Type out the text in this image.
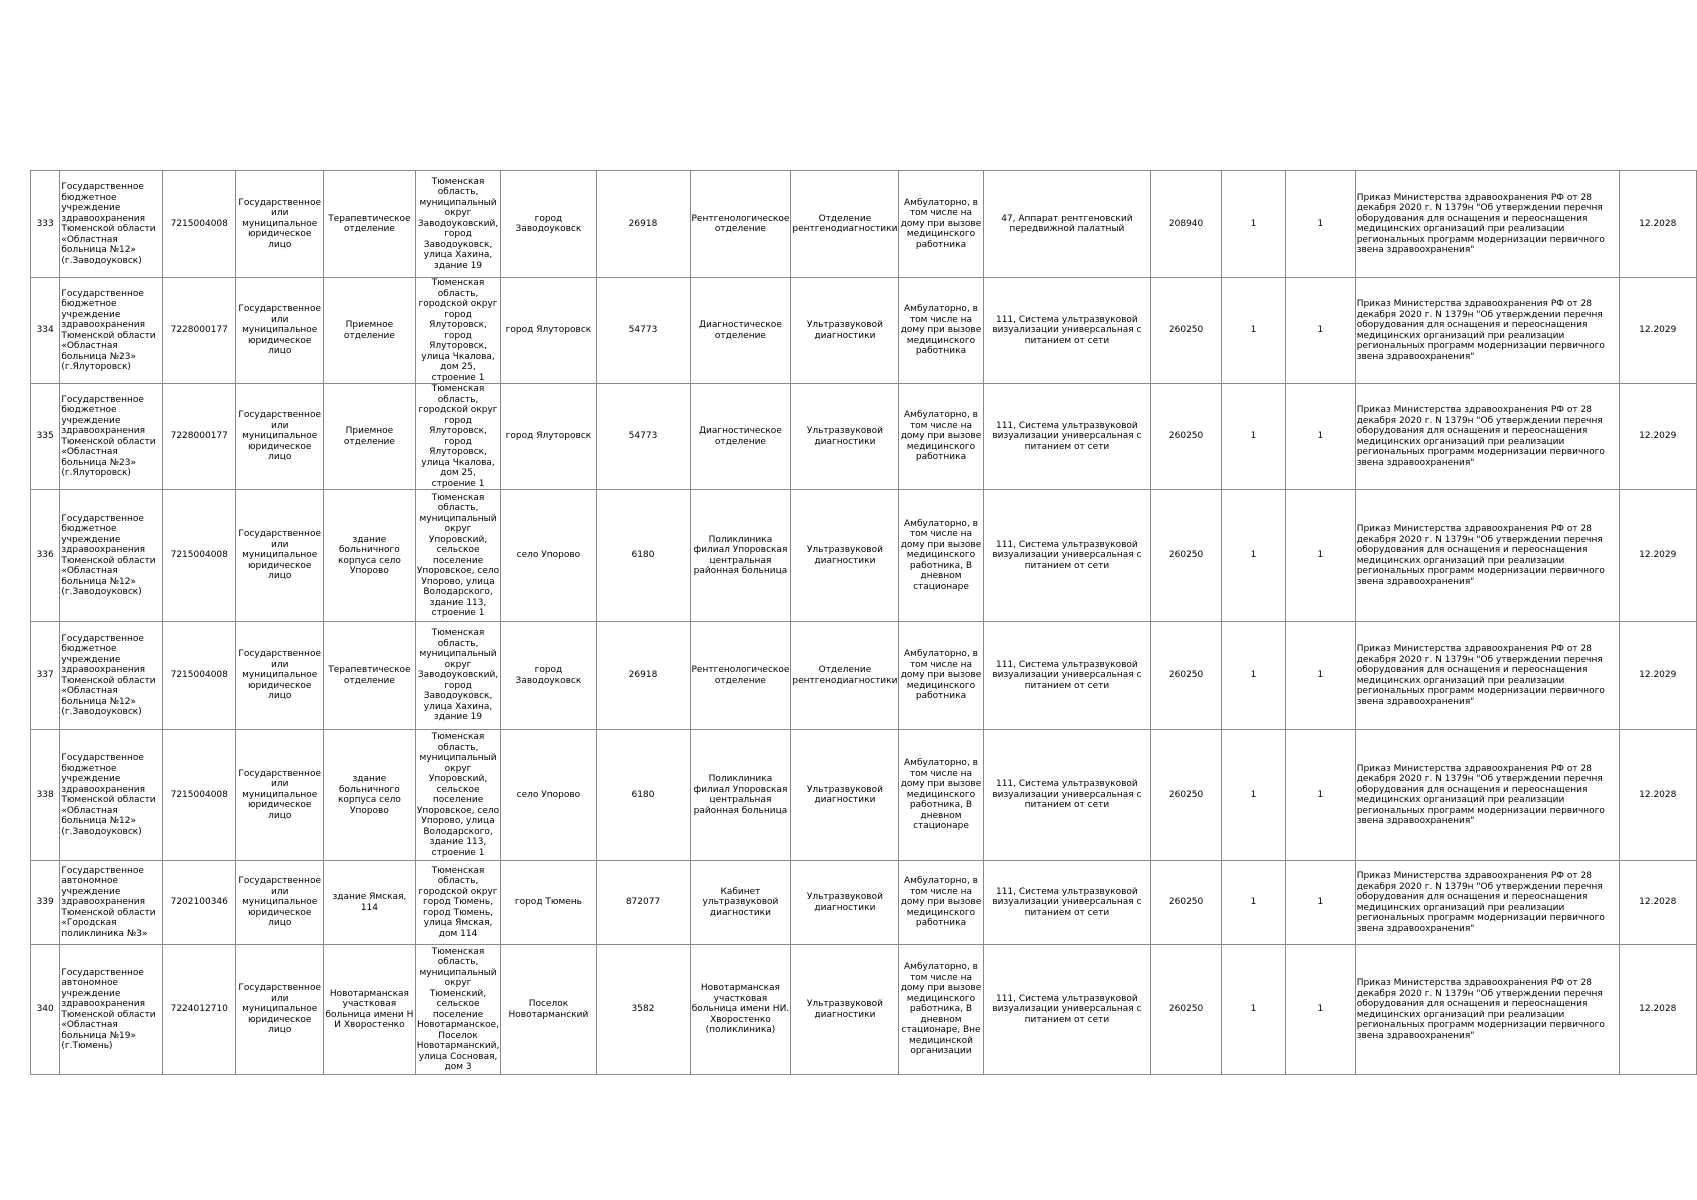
333	Государственное бюджетное учреждение здравоохранения Тюменской области «Областная больница №12» (г.Заводоуковск)	7215004008	Государственное или муниципальное юридическое лицо	Терапевтическое отделение	Тюменская область, муниципальный округ Заводоуковский, город Заводоуковск, улица Хахина, здание 19	город Заводоуковск	26918	Рентгенологическое отделение	Отделение рентгенодиагностики	Амбулаторно, в том числе на дому при вызове медицинского работника	47, Аппарат рентгеновский передвижной палатный	208940	1	1	Приказ Министерства здравоохранения РФ от 28 декабря 2020 г. N 1379н "Об утверждении перечня оборудования для оснащения и переоснащения медицинских организаций при реализации региональных программ модернизации первичного звена здравоохранения"	12.2028
334	Государственное бюджетное учреждение здравоохранения Тюменской области «Областная больница №23» (г.Ялуторовск)	7228000177	Государственное или муниципальное юридическое лицо	Приемное отделение	Тюменская область, городской округ город Ялуторовск, город Ялуторовск, улица Чкалова, дом 25, строение 1	город Ялуторовск	54773	Диагностическое отделение	Ультразвуковой диагностики	Амбулаторно, в том числе на дому при вызове медицинского работника	111, Система ультразвуковой визуализации универсальная с питанием от сети	260250	1	1	Приказ Министерства здравоохранения РФ от 28 декабря 2020 г. N 1379н "Об утверждении перечня оборудования для оснащения и переоснащения медицинских организаций при реализации региональных программ модернизации первичного звена здравоохранения"	12.2029
335	Государственное бюджетное учреждение здравоохранения Тюменской области «Областная больница №23» (г.Ялуторовск)	7228000177	Государственное или муниципальное юридическое лицо	Приемное отделение	Тюменская область, городской округ город Ялуторовск, город Ялуторовск, улица Чкалова, дом 25, строение 1	город Ялуторовск	54773	Диагностическое отделение	Ультразвуковой диагностики	Амбулаторно, в том числе на дому при вызове медицинского работника	111, Система ультразвуковой визуализации универсальная с питанием от сети	260250	1	1	Приказ Министерства здравоохранения РФ от 28 декабря 2020 г. N 1379н "Об утверждении перечня оборудования для оснащения и переоснащения медицинских организаций при реализации региональных программ модернизации первичного звена здравоохранения"	12.2029
336	Государственное бюджетное учреждение здравоохранения Тюменской области «Областная больница №12» (г.Заводоуковск)	7215004008	Государственное или муниципальное юридическое лицо	здание больничного корпуса село Упорово	Тюменская область, муниципальный округ Упоровский, сельское поселение Упоровское, село Упорово, улица Володарского, здание 113, строение 1	село Упорово	6180	Поликлиника филиал Упоровская центральная районная больница	Ультразвуковой диагностики	Амбулаторно, в том числе на дому при вызове медицинского работника, В дневном стационаре	111, Система ультразвуковой визуализации универсальная с питанием от сети	260250	1	1	Приказ Министерства здравоохранения РФ от 28 декабря 2020 г. N 1379н "Об утверждении перечня оборудования для оснащения и переоснащения медицинских организаций при реализации региональных программ модернизации первичного звена здравоохранения"	12.2029
337	Государственное бюджетное учреждение здравоохранения Тюменской области «Областная больница №12» (г.Заводоуковск)	7215004008	Государственное или муниципальное юридическое лицо	Терапевтическое отделение	Тюменская область, муниципальный округ Заводоуковский, город Заводоуковск, улица Хахина, здание 19	город Заводоуковск	26918	Рентгенологическое отделение	Отделение рентгенодиагностики	Амбулаторно, в том числе на дому при вызове медицинского работника	111, Система ультразвуковой визуализации универсальная с питанием от сети	260250	1	1	Приказ Министерства здравоохранения РФ от 28 декабря 2020 г. N 1379н "Об утверждении перечня оборудования для оснащения и переоснащения медицинских организаций при реализации региональных программ модернизации первичного звена здравоохранения"	12.2029
338	Государственное бюджетное учреждение здравоохранения Тюменской области «Областная больница №12» (г.Заводоуковск)	7215004008	Государственное или муниципальное юридическое лицо	здание больничного корпуса село Упорово	Тюменская область, муниципальный округ Упоровский, сельское поселение Упоровское, село Упорово, улица Володарского, здание 113, строение 1	село Упорово	6180	Поликлиника филиал Упоровская центральная районная больница	Ультразвуковой диагностики	Амбулаторно, в том числе на дому при вызове медицинского работника, В дневном стационаре	111, Система ультразвуковой визуализации универсальная с питанием от сети	260250	1	1	Приказ Министерства здравоохранения РФ от 28 декабря 2020 г. N 1379н "Об утверждении перечня оборудования для оснащения и переоснащения медицинских организаций при реализации региональных программ модернизации первичного звена здравоохранения"	12.2028
339	Государственное автономное учреждение здравоохранения Тюменской области «Городская поликлиника №3»	7202100346	Государственное или муниципальное юридическое лицо	здание Ямская, 114	Тюменская область, городской округ город Тюмень, город Тюмень, улица Ямская, дом 114	город Тюмень	872077	Кабинет ультразвуковой диагностики	Ультразвуковой диагностики	Амбулаторно, в том числе на дому при вызове медицинского работника	111, Система ультразвуковой визуализации универсальная с питанием от сети	260250	1	1	Приказ Министерства здравоохранения РФ от 28 декабря 2020 г. N 1379н "Об утверждении перечня оборудования для оснащения и переоснащения медицинских организаций при реализации региональных программ модернизации первичного звена здравоохранения"	12.2028
340	Государственное автономное учреждение здравоохранения Тюменской области «Областная больница №19» (г.Тюмень)	7224012710	Государственное или муниципальное юридическое лицо	Новотарманская участковая больница имени Н И Хворостенко	Тюменская область, муниципальный округ Тюменский, сельское поселение Новотарманское, Поселок Новотарманский, улица Сосновая, дом 3	Поселок Новотарманский	3582	Новотарманская участковая больница имени НИ. Хворостенко (поликлиника)	Ультразвуковой диагностики	Амбулаторно, в том числе на дому при вызове медицинского работника, В дневном стационаре, Вне медицинской организации	111, Система ультразвуковой визуализации универсальная с питанием от сети	260250	1	1	Приказ Министерства здравоохранения РФ от 28 декабря 2020 г. N 1379н "Об утверждении перечня оборудования для оснащения и переоснащения медицинских организаций при реализации региональных программ модернизации первичного звена здравоохранения"	12.2028
